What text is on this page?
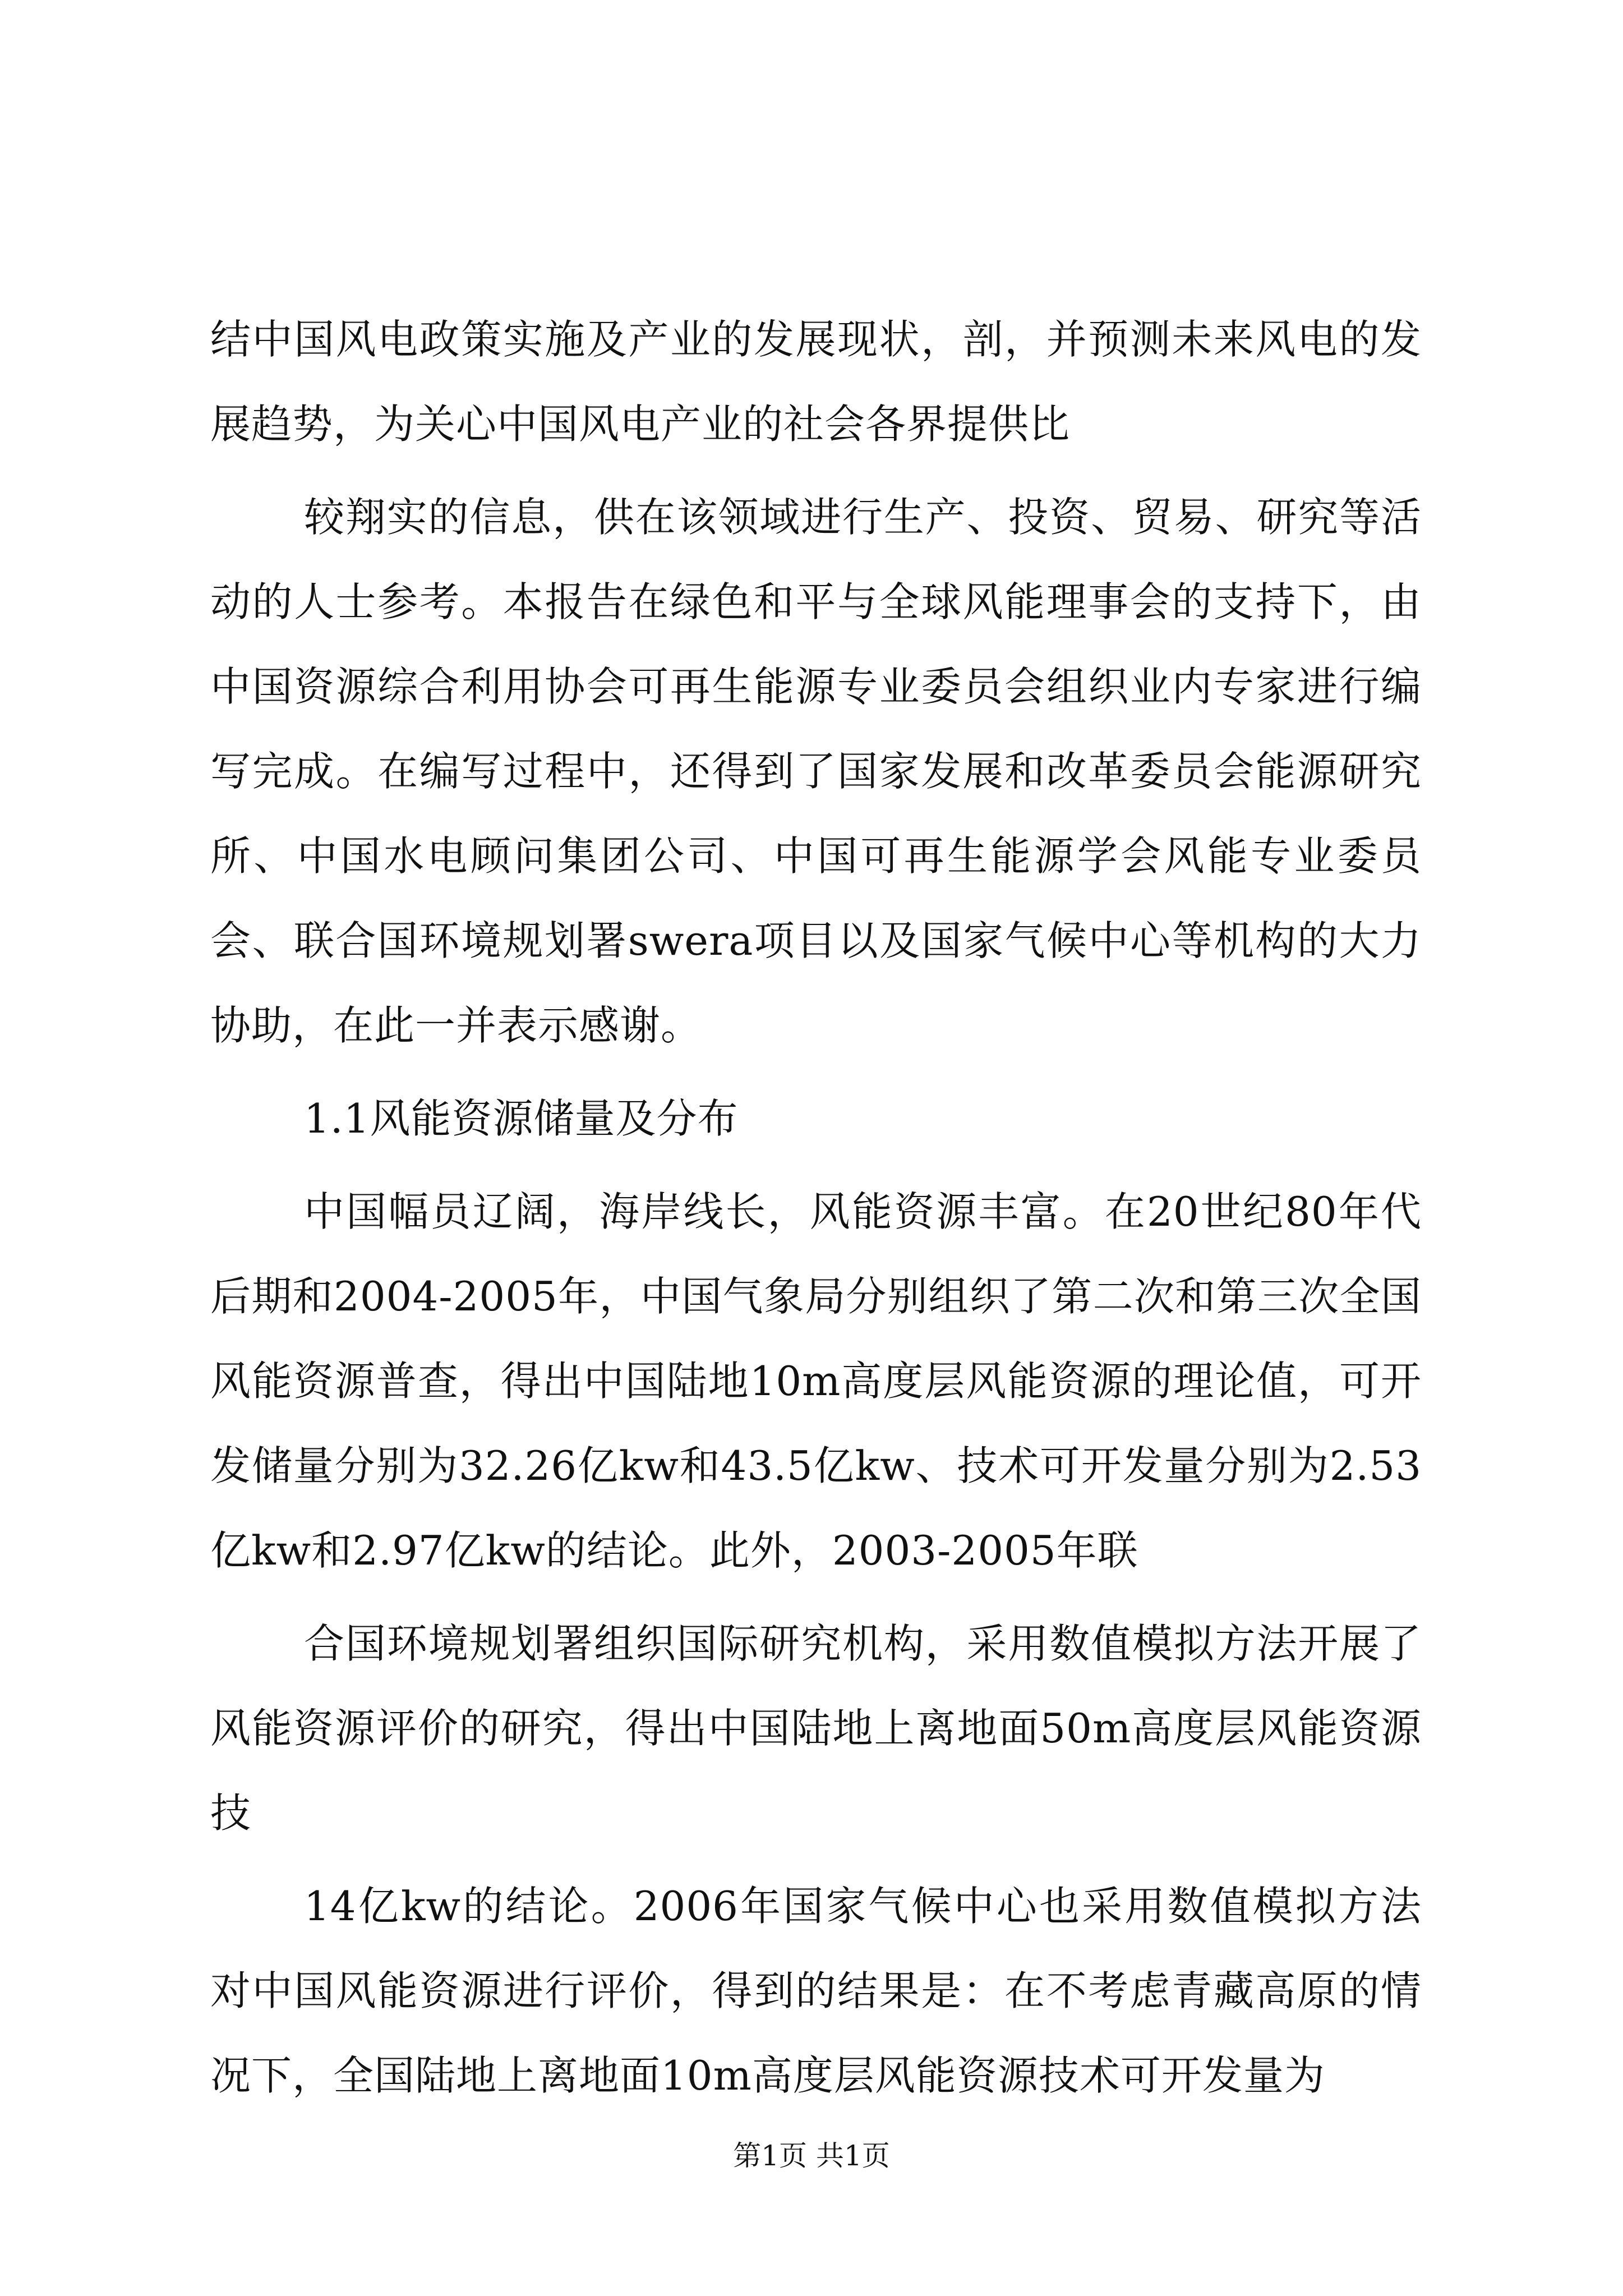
结中国风电政策实施及产业的发展现状，剖，并预测未来风电的发展趋势，为关心中国风电产业的社会各界提供比

较翔实的信息，供在该领域进行生产、投资、贸易、研究等活动的人士参考。本报告在绿色和平与全球风能理事会的支持下，由中国资源综合利用协会可再生能源专业委员会组织业内专家进行编写完成。在编写过程中，还得到了国家发展和改革委员会能源研究所、中国水电顾问集团公司、中国可再生能源学会风能专业委员会、联合国环境规划署swera项目以及国家气候中心等机构的大力协助，在此一并表示感谢。

1.1风能资源储量及分布

中国幅员辽阔，海岸线长，风能资源丰富。在20世纪80年代后期和2004-2005年，中国气象局分别组织了第二次和第三次全国风能资源普查，得出中国陆地10m高度层风能资源的理论值，可开发储量分别为32.26亿kw和43.5亿kw、技术可开发量分别为2.53亿kw和2.97亿kw的结论。此外，2003-2005年联

合国环境规划署组织国际研究机构，采用数值模拟方法开展了风能资源评价的研究，得出中国陆地上离地面50m高度层风能资源技

14亿kw的结论。2006年国家气候中心也采用数值模拟方法对中国风能资源进行评价，得到的结果是：在不考虑青藏高原的情况下，全国陆地上离地面10m高度层风能资源技术可开发量为

第1页 共1页
